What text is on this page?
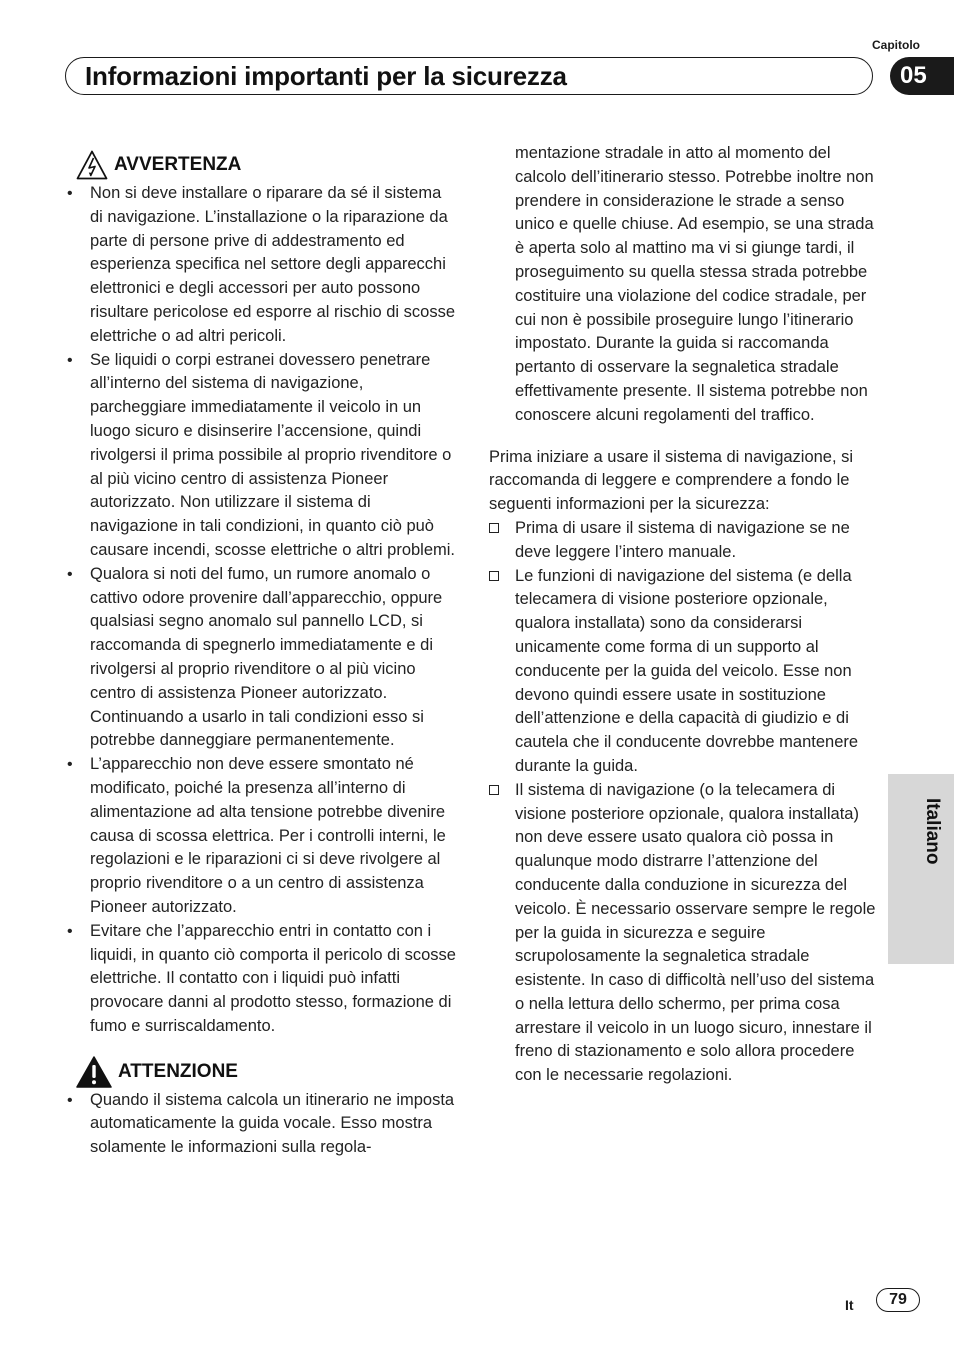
Capitolo
Informazioni importanti per la sicurezza	05
AVVERTENZA
• Non si deve installare o riparare da sé il sistema di navigazione. L’installazione o la riparazione da parte di persone prive di addestramento ed esperienza specifica nel settore degli apparecchi elettronici e degli accessori per auto possono risultare pericolose ed esporre al rischio di scosse elettriche o ad altri pericoli.
• Se liquidi o corpi estranei dovessero penetrare all’interno del sistema di navigazione, parcheggiare immediatamente il veicolo in un luogo sicuro e disinserire l’accensione, quindi rivolgersi il prima possibile al proprio rivenditore o al più vicino centro di assistenza Pioneer autorizzato. Non utilizzare il sistema di navigazione in tali condizioni, in quanto ciò può causare incendi, scosse elettriche o altri problemi.
• Qualora si noti del fumo, un rumore anomalo o cattivo odore provenire dall’apparecchio, oppure qualsiasi segno anomalo sul pannello LCD, si raccomanda di spegnerlo immediatamente e di rivolgersi al proprio rivenditore o al più vicino centro di assistenza Pioneer autorizzato. Continuando a usarlo in tali condizioni esso si potrebbe danneggiare permanentemente.
• L’apparecchio non deve essere smontato né modificato, poiché la presenza all’interno di alimentazione ad alta tensione potrebbe divenire causa di scossa elettrica. Per i controlli interni, le regolazioni e le riparazioni ci si deve rivolgere al proprio rivenditore o a un centro di assistenza Pioneer autorizzato.
• Evitare che l’apparecchio entri in contatto con i liquidi, in quanto ciò comporta il pericolo di scosse elettriche. Il contatto con i liquidi può infatti provocare danni al prodotto stesso, formazione di fumo e surriscaldamento.
ATTENZIONE
• Quando il sistema calcola un itinerario ne imposta automaticamente la guida vocale. Esso mostra solamente le informazioni sulla regola-

mentazione stradale in atto al momento del calcolo dell’itinerario stesso. Potrebbe inoltre non prendere in considerazione le strade a senso unico e quelle chiuse. Ad esempio, se una strada è aperta solo al mattino ma vi si giunge tardi, il proseguimento su quella stessa strada potrebbe costituire una violazione del codice stradale, per cui non è possibile proseguire lungo l’itinerario impostato. Durante la guida si raccomanda pertanto di osservare la segnaletica stradale effettivamente presente. Il sistema potrebbe non conoscere alcuni regolamenti del traffico.

Prima iniziare a usare il sistema di navigazione, si raccomanda di leggere e comprendere a fondo le seguenti informazioni per la sicurezza:

Prima di usare il sistema di navigazione se ne deve leggere l’intero manuale.
Le funzioni di navigazione del sistema (e della telecamera di visione posteriore opzionale, qualora installata) sono da considerarsi unicamente come forma di un supporto al conducente per la guida del veicolo. Esse non devono quindi essere usate in sostituzione dell’attenzione e della capacità di giudizio e di cautela che il conducente dovrebbe mantenere durante la guida.
Il sistema di navigazione (o la telecamera di visione posteriore opzionale, qualora installata) non deve essere usato qualora ciò possa in qualunque modo distrarre l’attenzione del conducente dalla conduzione in sicurezza del veicolo. È necessario osservare sempre le regole per la guida in sicurezza e seguire scrupolosamente la segnaletica stradale esistente. In caso di difficoltà nell’uso del sistema o nella lettura dello schermo, per prima cosa arrestare il veicolo in un luogo sicuro, innestare il freno di stazionamento e solo allora procedere con le necessarie regolazioni.
Italiano
It	79
